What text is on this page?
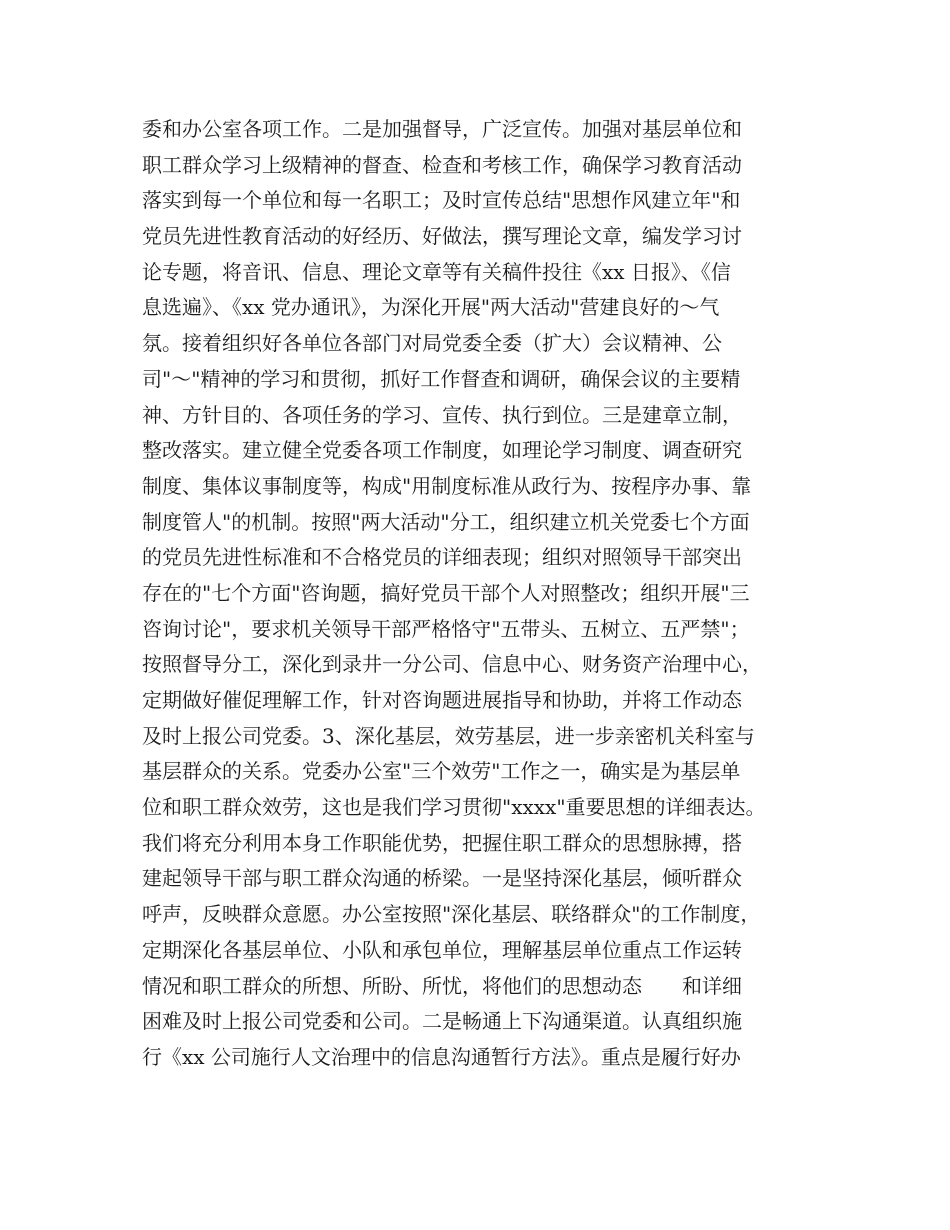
委和办公室各项工作。二是加强督导，广泛宣传。加强对基层单位和
职工群众学习上级精神的督查、检查和考核工作，确保学习教育活动
落实到每一个单位和每一名职工；及时宣传总结"思想作风建立年"和
党员先进性教育活动的好经历、好做法，撰写理论文章，编发学习讨
论专题，将音讯、信息、理论文章等有关稿件投往《xx 日报》、《信
息选遍》、《xx 党办通讯》，为深化开展"两大活动"营建良好的～气
氛。接着组织好各单位各部门对局党委全委（扩大）会议精神、公
司"～"精神的学习和贯彻，抓好工作督查和调研，确保会议的主要精
神、方针目的、各项任务的学习、宣传、执行到位。三是建章立制，
整改落实。建立健全党委各项工作制度，如理论学习制度、调查研究
制度、集体议事制度等，构成"用制度标准从政行为、按程序办事、靠
制度管人"的机制。按照"两大活动"分工，组织建立机关党委七个方面
的党员先进性标准和不合格党员的详细表现；组织对照领导干部突出
存在的"七个方面"咨询题，搞好党员干部个人对照整改；组织开展"三
咨询讨论"，要求机关领导干部严格恪守"五带头、五树立、五严禁"；
按照督导分工，深化到录井一分公司、信息中心、财务资产治理中心，
定期做好催促理解工作，针对咨询题进展指导和协助，并将工作动态
及时上报公司党委。3、深化基层，效劳基层，进一步亲密机关科室与
基层群众的关系。党委办公室"三个效劳"工作之一，确实是为基层单
位和职工群众效劳，这也是我们学习贯彻"xxxx"重要思想的详细表达。
我们将充分利用本身工作职能优势，把握住职工群众的思想脉搏，搭
建起领导干部与职工群众沟通的桥梁。一是坚持深化基层，倾听群众
呼声，反映群众意愿。办公室按照"深化基层、联络群众"的工作制度，
定期深化各基层单位、小队和承包单位，理解基层单位重点工作运转
情况和职工群众的所想、所盼、所忧，将他们的思想动态　　和详细
困难及时上报公司党委和公司。二是畅通上下沟通渠道。认真组织施
行《xx 公司施行人文治理中的信息沟通暂行方法》。重点是履行好办
